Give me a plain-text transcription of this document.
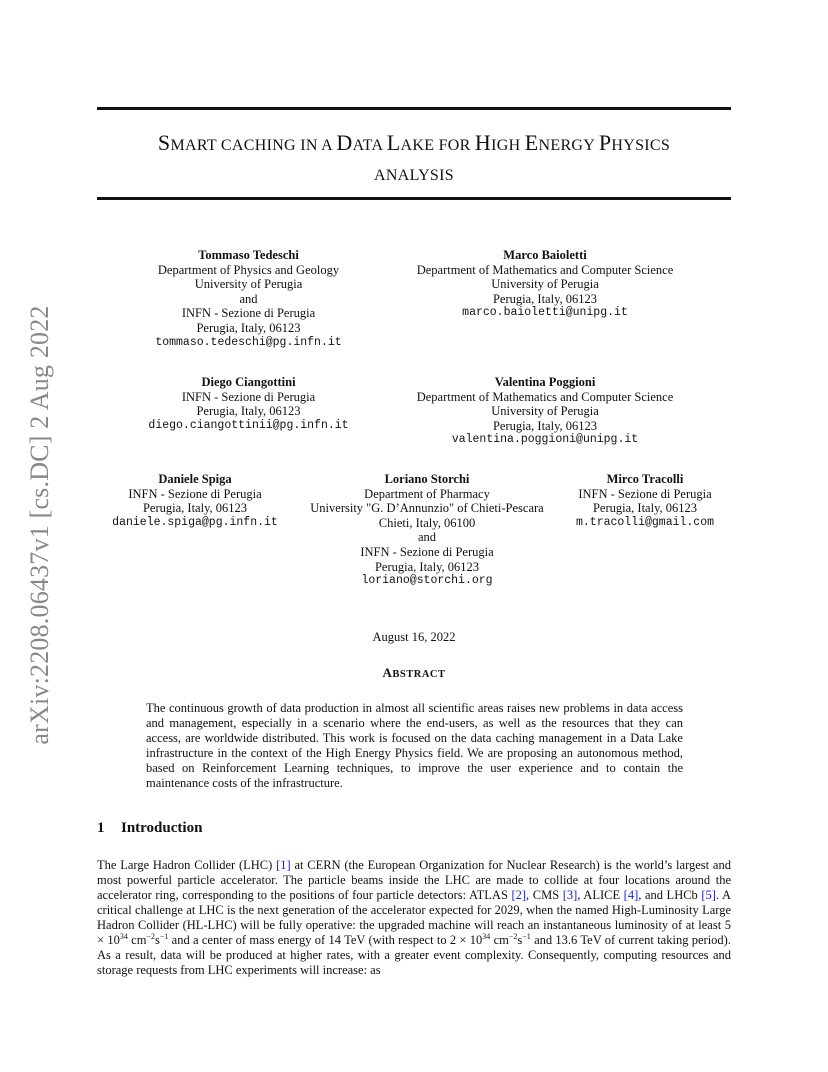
arXiv:2208.06437v1 [cs.DC] 2 Aug 2022
SMART CACHING IN A DATA LAKE FOR HIGH ENERGY PHYSICS
ANALYSIS
Tommaso Tedeschi
Department of Physics and Geology
University of Perugia
and
INFN - Sezione di Perugia
Perugia, Italy, 06123
tommaso.tedeschi@pg.infn.it
Marco Baioletti
Department of Mathematics and Computer Science
University of Perugia
Perugia, Italy, 06123
marco.baioletti@unipg.it
Diego Ciangottini
INFN - Sezione di Perugia
Perugia, Italy, 06123
diego.ciangottinii@pg.infn.it
Valentina Poggioni
Department of Mathematics and Computer Science
University of Perugia
Perugia, Italy, 06123
valentina.poggioni@unipg.it
Daniele Spiga
INFN - Sezione di Perugia
Perugia, Italy, 06123
daniele.spiga@pg.infn.it
Loriano Storchi
Department of Pharmacy
University "G. D’Annunzio" of Chieti-Pescara
Chieti, Italy, 06100
and
INFN - Sezione di Perugia
Perugia, Italy, 06123
loriano@storchi.org
Mirco Tracolli
INFN - Sezione di Perugia
Perugia, Italy, 06123
m.tracolli@gmail.com
August 16, 2022
ABSTRACT
The continuous growth of data production in almost all scientific areas raises new problems in data access and management, especially in a scenario where the end-users, as well as the resources that they can access, are worldwide distributed. This work is focused on the data caching management in a Data Lake infrastructure in the context of the High Energy Physics field. We are proposing an autonomous method, based on Reinforcement Learning techniques, to improve the user experience and to contain the maintenance costs of the infrastructure.
1 Introduction
The Large Hadron Collider (LHC) [1] at CERN (the European Organization for Nuclear Research) is the world’s largest and most powerful particle accelerator. The particle beams inside the LHC are made to collide at four locations around the accelerator ring, corresponding to the positions of four particle detectors: ATLAS [2], CMS [3], ALICE [4], and LHCb [5]. A critical challenge at LHC is the next generation of the accelerator expected for 2029, when the named High-Luminosity Large Hadron Collider (HL-LHC) will be fully operative: the upgraded machine will reach an instantaneous luminosity of at least $5 \times 10^{34}$ $cm^{-2}s^{-1}$ and a center of mass energy of 14 TeV (with respect to $2 \times 10^{34}$ $cm^{-2}s^{-1}$ and 13.6 TeV of current taking period). As a result, data will be produced at higher rates, with a greater event complexity. Consequently, computing resources and storage requests from LHC experiments will increase: as
